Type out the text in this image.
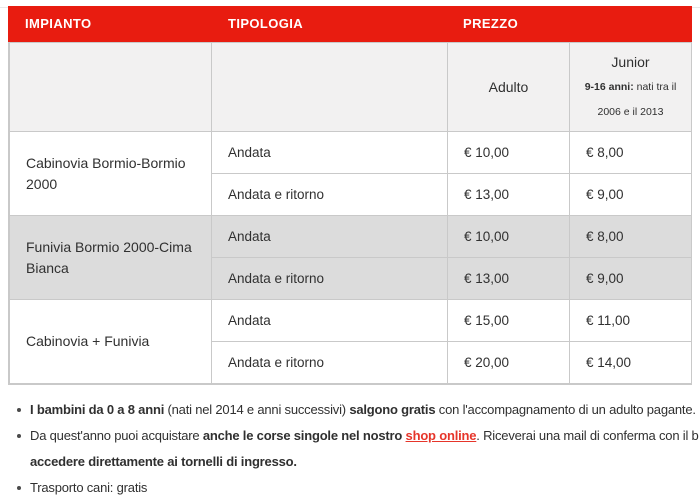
IMPIANTO	TIPOLOGIA	PREZZO
		Adulto	Junior
9-16 anni: nati tra il
2006 e il 2013

Cabinovia Bormio-Bormio 2000	Andata	€ 10,00	€ 8,00
	Andata e ritorno	€ 13,00	€ 9,00
Funivia Bormio 2000-Cima Bianca	Andata	€ 10,00	€ 8,00
	Andata e ritorno	€ 13,00	€ 9,00
Cabinovia + Funivia	Andata	€ 15,00	€ 11,00
	Andata e ritorno	€ 20,00	€ 14,00
I bambini da 0 a 8 anni (nati nel 2014 e anni successivi) salgono gratis con l'accompagnamento di un adulto pagante.
Da quest'anno puoi acquistare anche le corse singole nel nostro shop online. Riceverai una mail di conferma con il b
accedere direttamente ai tornelli di ingresso.
Trasporto cani: gratis
